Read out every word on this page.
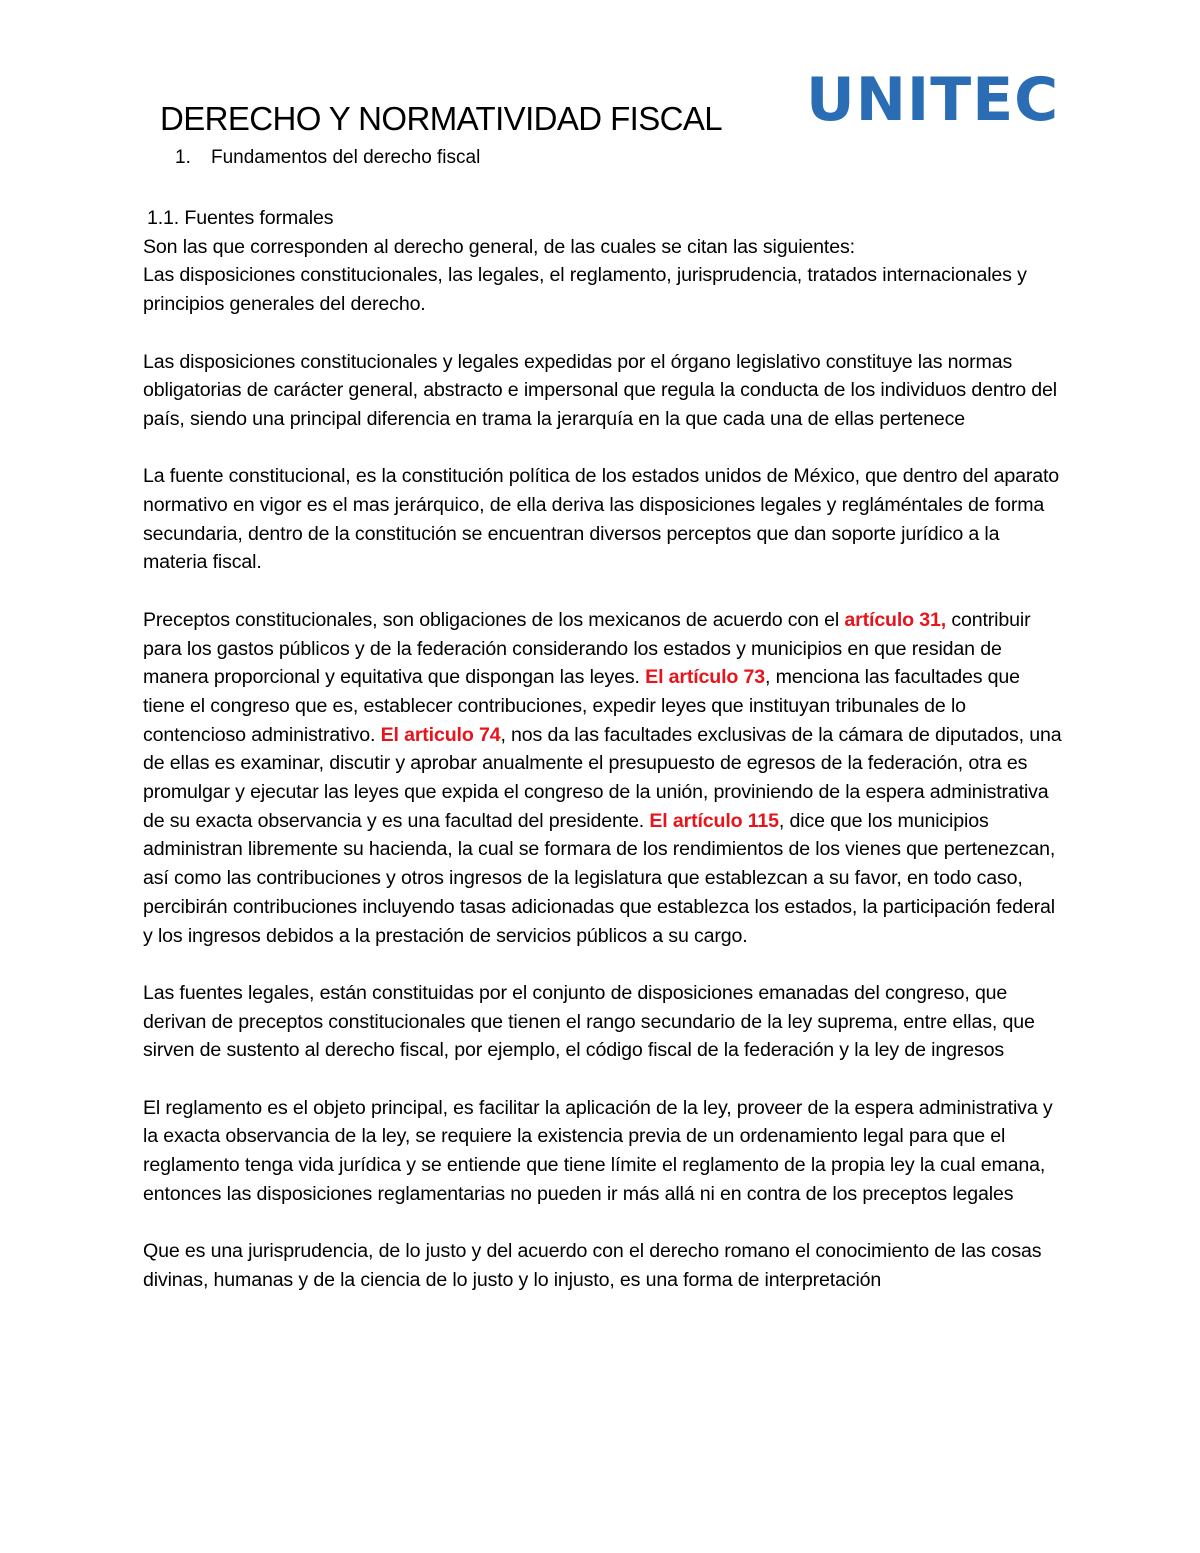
DERECHO Y NORMATIVIDAD FISCAL UNITEC
1. Fundamentos del derecho fiscal
1.1. Fuentes formales
Son las que corresponden al derecho general, de las cuales se citan las siguientes:

Las disposiciones constitucionales, las legales, el reglamento, jurisprudencia, tratados internacionales y principios generales del derecho.

Las disposiciones constitucionales y legales expedidas por el órgano legislativo constituye las normas obligatorias de carácter general, abstracto e impersonal que regula la conducta de los individuos dentro del país, siendo una principal diferencia en trama la jerarquía en la que cada una de ellas pertenece

La fuente constitucional, es la constitución política de los estados unidos de México, que dentro del aparato normativo en vigor es el mas jerárquico, de ella deriva las disposiciones legales y regláméntales de forma secundaria, dentro de la constitución se encuentran diversos perceptos que dan soporte jurídico a la materia fiscal.

Preceptos constitucionales, son obligaciones de los mexicanos de acuerdo con el artículo 31, contribuir para los gastos públicos y de la federación considerando los estados y municipios en que residan de manera proporcional y equitativa que dispongan las leyes. El artículo 73, menciona las facultades que tiene el congreso que es, establecer contribuciones, expedir leyes que instituyan tribunales de lo contencioso administrativo. El articulo 74, nos da las facultades exclusivas de la cámara de diputados, una de ellas es examinar, discutir y aprobar anualmente el presupuesto de egresos de la federación, otra es promulgar y ejecutar las leyes que expida el congreso de la unión, proviniendo de la espera administrativa de su exacta observancia y es una facultad del presidente. El artículo 115, dice que los municipios administran libremente su hacienda, la cual se formara de los rendimientos de los vienes que pertenezcan, así como las contribuciones y otros ingresos de la legislatura que establezcan a su favor, en todo caso, percibirán contribuciones incluyendo tasas adicionadas que establezca los estados, la participación federal y los ingresos debidos a la prestación de servicios públicos a su cargo.

Las fuentes legales, están constituidas por el conjunto de disposiciones emanadas del congreso, que derivan de preceptos constitucionales que tienen el rango secundario de la ley suprema, entre ellas, que sirven de sustento al derecho fiscal, por ejemplo, el código fiscal de la federación y la ley de ingresos

El reglamento es el objeto principal, es facilitar la aplicación de la ley, proveer de la espera administrativa y la exacta observancia de la ley, se requiere la existencia previa de un ordenamiento legal para que el reglamento tenga vida jurídica y se entiende que tiene límite el reglamento de la propia ley la cual emana, entonces las disposiciones reglamentarias no pueden ir más allá ni en contra de los preceptos legales

Que es una jurisprudencia, de lo justo y del acuerdo con el derecho romano el conocimiento de las cosas divinas, humanas y de la ciencia de lo justo y lo injusto, es una forma de interpretación
